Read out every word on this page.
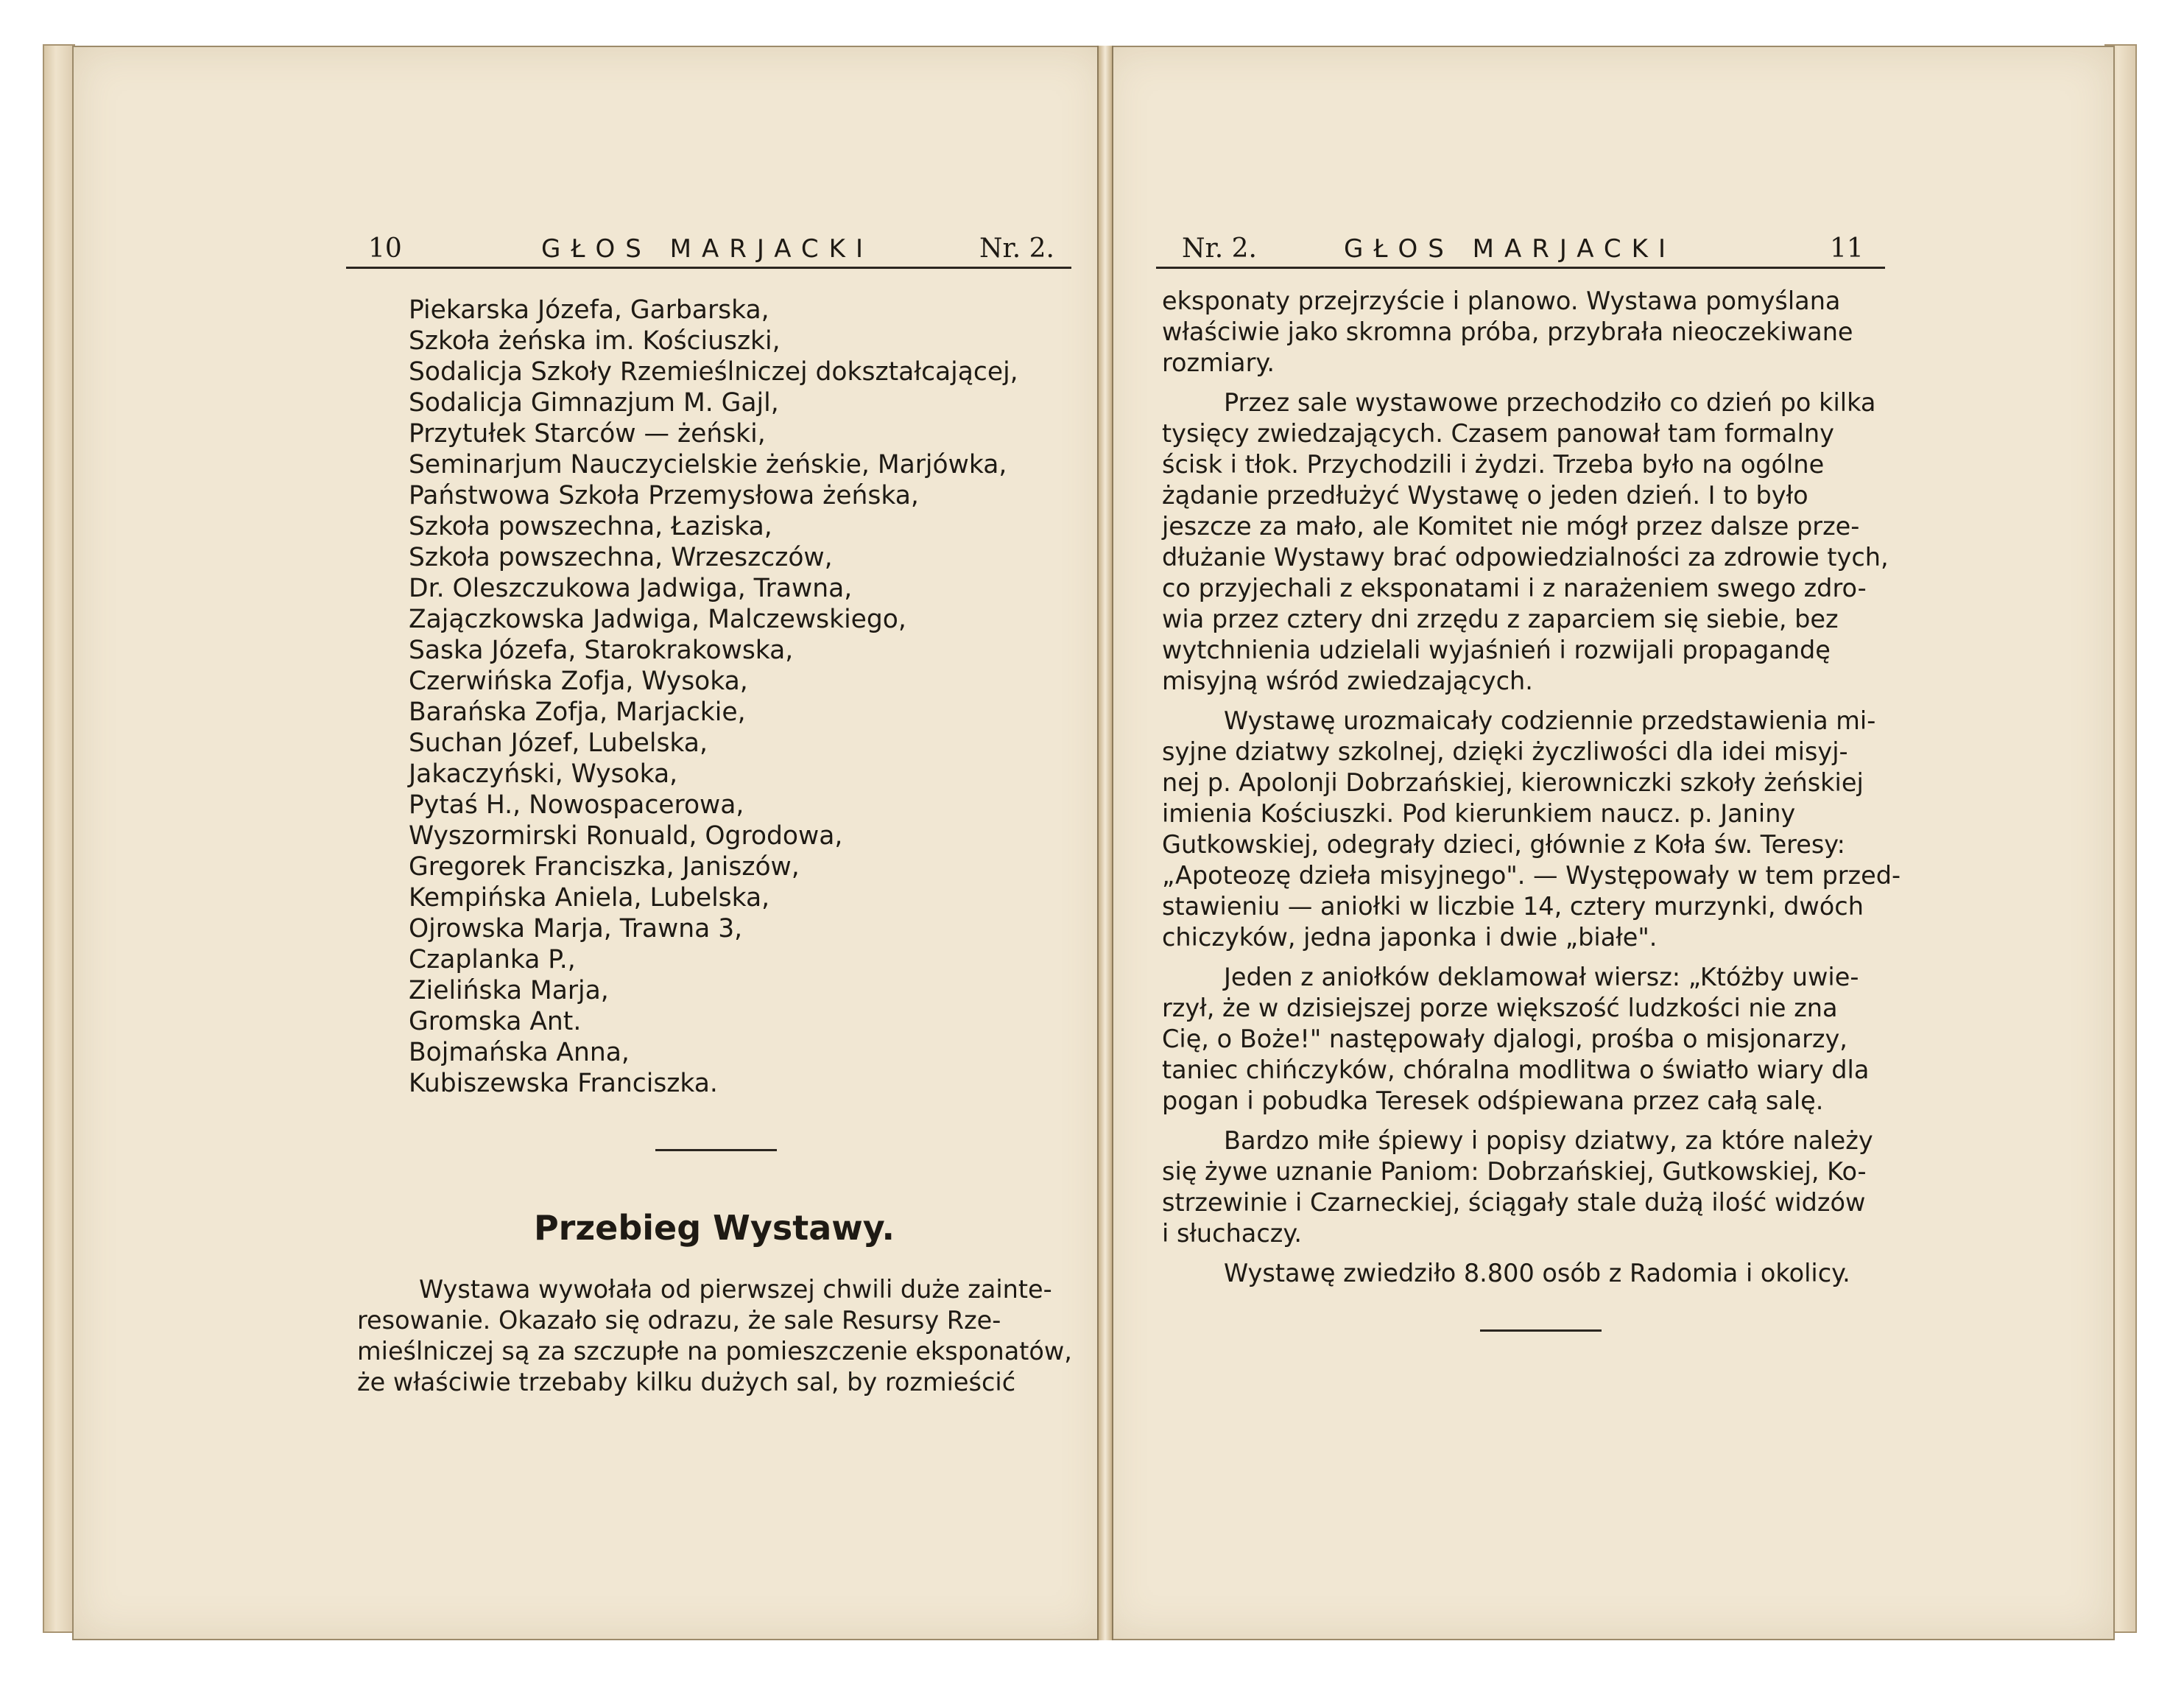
10	GŁOS MARJACKI	Nr. 2.	Nr. 2.	GŁOS MARJACKI	11
Piekarska Józefa, Garbarska,
Szkoła żeńska im. Kościuszki,
Sodalicja Szkoły Rzemieślniczej dokształcającej,
Sodalicja Gimnazjum M. Gajl,
Przytułek Starców — żeński,
Seminarjum Nauczycielskie żeńskie, Marjówka,
Państwowa Szkoła Przemysłowa żeńska,
Szkoła powszechna, Łaziska,
Szkoła powszechna, Wrzeszczów,
Dr. Oleszczukowa Jadwiga, Trawna,
Zajączkowska Jadwiga, Malczewskiego,
Saska Józefa, Starokrakowska,
Czerwińska Zofja, Wysoka,
Barańska Zofja, Marjackie,
Suchan Józef, Lubelska,
Jakaczyński, Wysoka,
Pytaś H., Nowospacerowa,
Wyszormirski Ronuald, Ogrodowa,
Gregorek Franciszka, Janiszów,
Kempińska Aniela, Lubelska,
Ojrowska Marja, Trawna 3,
Czaplanka P.,
Zielińska Marja,
Gromska Ant.
Bojmańska Anna,
Kubiszewska Franciszka.
Przebieg Wystawy.
Wystawa wywołała od pierwszej chwili duże zainte-
resowanie. Okazało się odrazu, że sale Resursy Rze-
mieślniczej są za szczupłe na pomieszczenie eksponatów,
że właściwie trzebaby kilku dużych sal, by rozmieścić
eksponaty przejrzyście i planowo. Wystawa pomyślana
właściwie jako skromna próba, przybrała nieoczekiwane
rozmiary.
Przez sale wystawowe przechodziło co dzień po kilka
tysięcy zwiedzających. Czasem panował tam formalny
ścisk i tłok. Przychodzili i żydzi. Trzeba było na ogólne
żądanie przedłużyć Wystawę o jeden dzień. I to było
jeszcze za mało, ale Komitet nie mógł przez dalsze prze-
dłużanie Wystawy brać odpowiedzialności za zdrowie tych,
co przyjechali z eksponatami i z narażeniem swego zdro-
wia przez cztery dni zrzędu z zaparciem się siebie, bez
wytchnienia udzielali wyjaśnień i rozwijali propagandę
misyjną wśród zwiedzających.
Wystawę urozmaicały codziennie przedstawienia mi-
syjne dziatwy szkolnej, dzięki życzliwości dla idei misyj-
nej p. Apolonji Dobrzańskiej, kierowniczki szkoły żeńskiej
imienia Kościuszki. Pod kierunkiem naucz. p. Janiny
Gutkowskiej, odegrały dzieci, głównie z Koła św. Teresy:
„Apoteozę dzieła misyjnego". — Występowały w tem przed-
stawieniu — aniołki w liczbie 14, cztery murzynki, dwóch
chiczyków, jedna japonka i dwie „białe".
Jeden z aniołków deklamował wiersz: „Któżby uwie-
rzył, że w dzisiejszej porze większość ludzkości nie zna
Cię, o Boże!" następowały djalogi, prośba o misjonarzy,
taniec chińczyków, chóralna modlitwa o światło wiary dla
pogan i pobudka Teresek odśpiewana przez całą salę.
Bardzo miłe śpiewy i popisy dziatwy, za które należy
się żywe uznanie Paniom: Dobrzańskiej, Gutkowskiej, Ko-
strzewinie i Czarneckiej, ściągały stale dużą ilość widzów
i słuchaczy.
Wystawę zwiedziło 8.800 osób z Radomia i okolicy.
